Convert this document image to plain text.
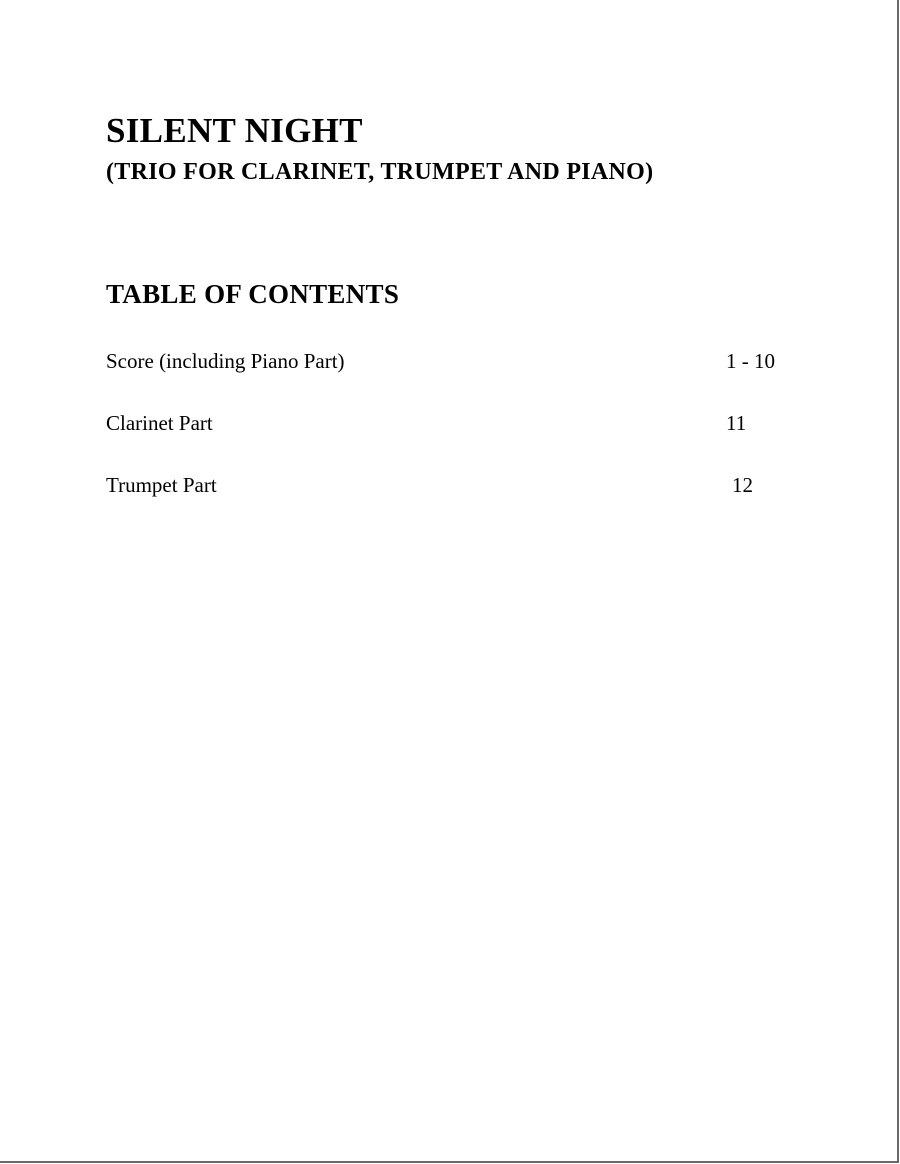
SILENT NIGHT
(TRIO FOR CLARINET, TRUMPET AND PIANO)
TABLE OF CONTENTS
Score (including Piano Part)	1 - 10
Clarinet Part	11
Trumpet Part	12
